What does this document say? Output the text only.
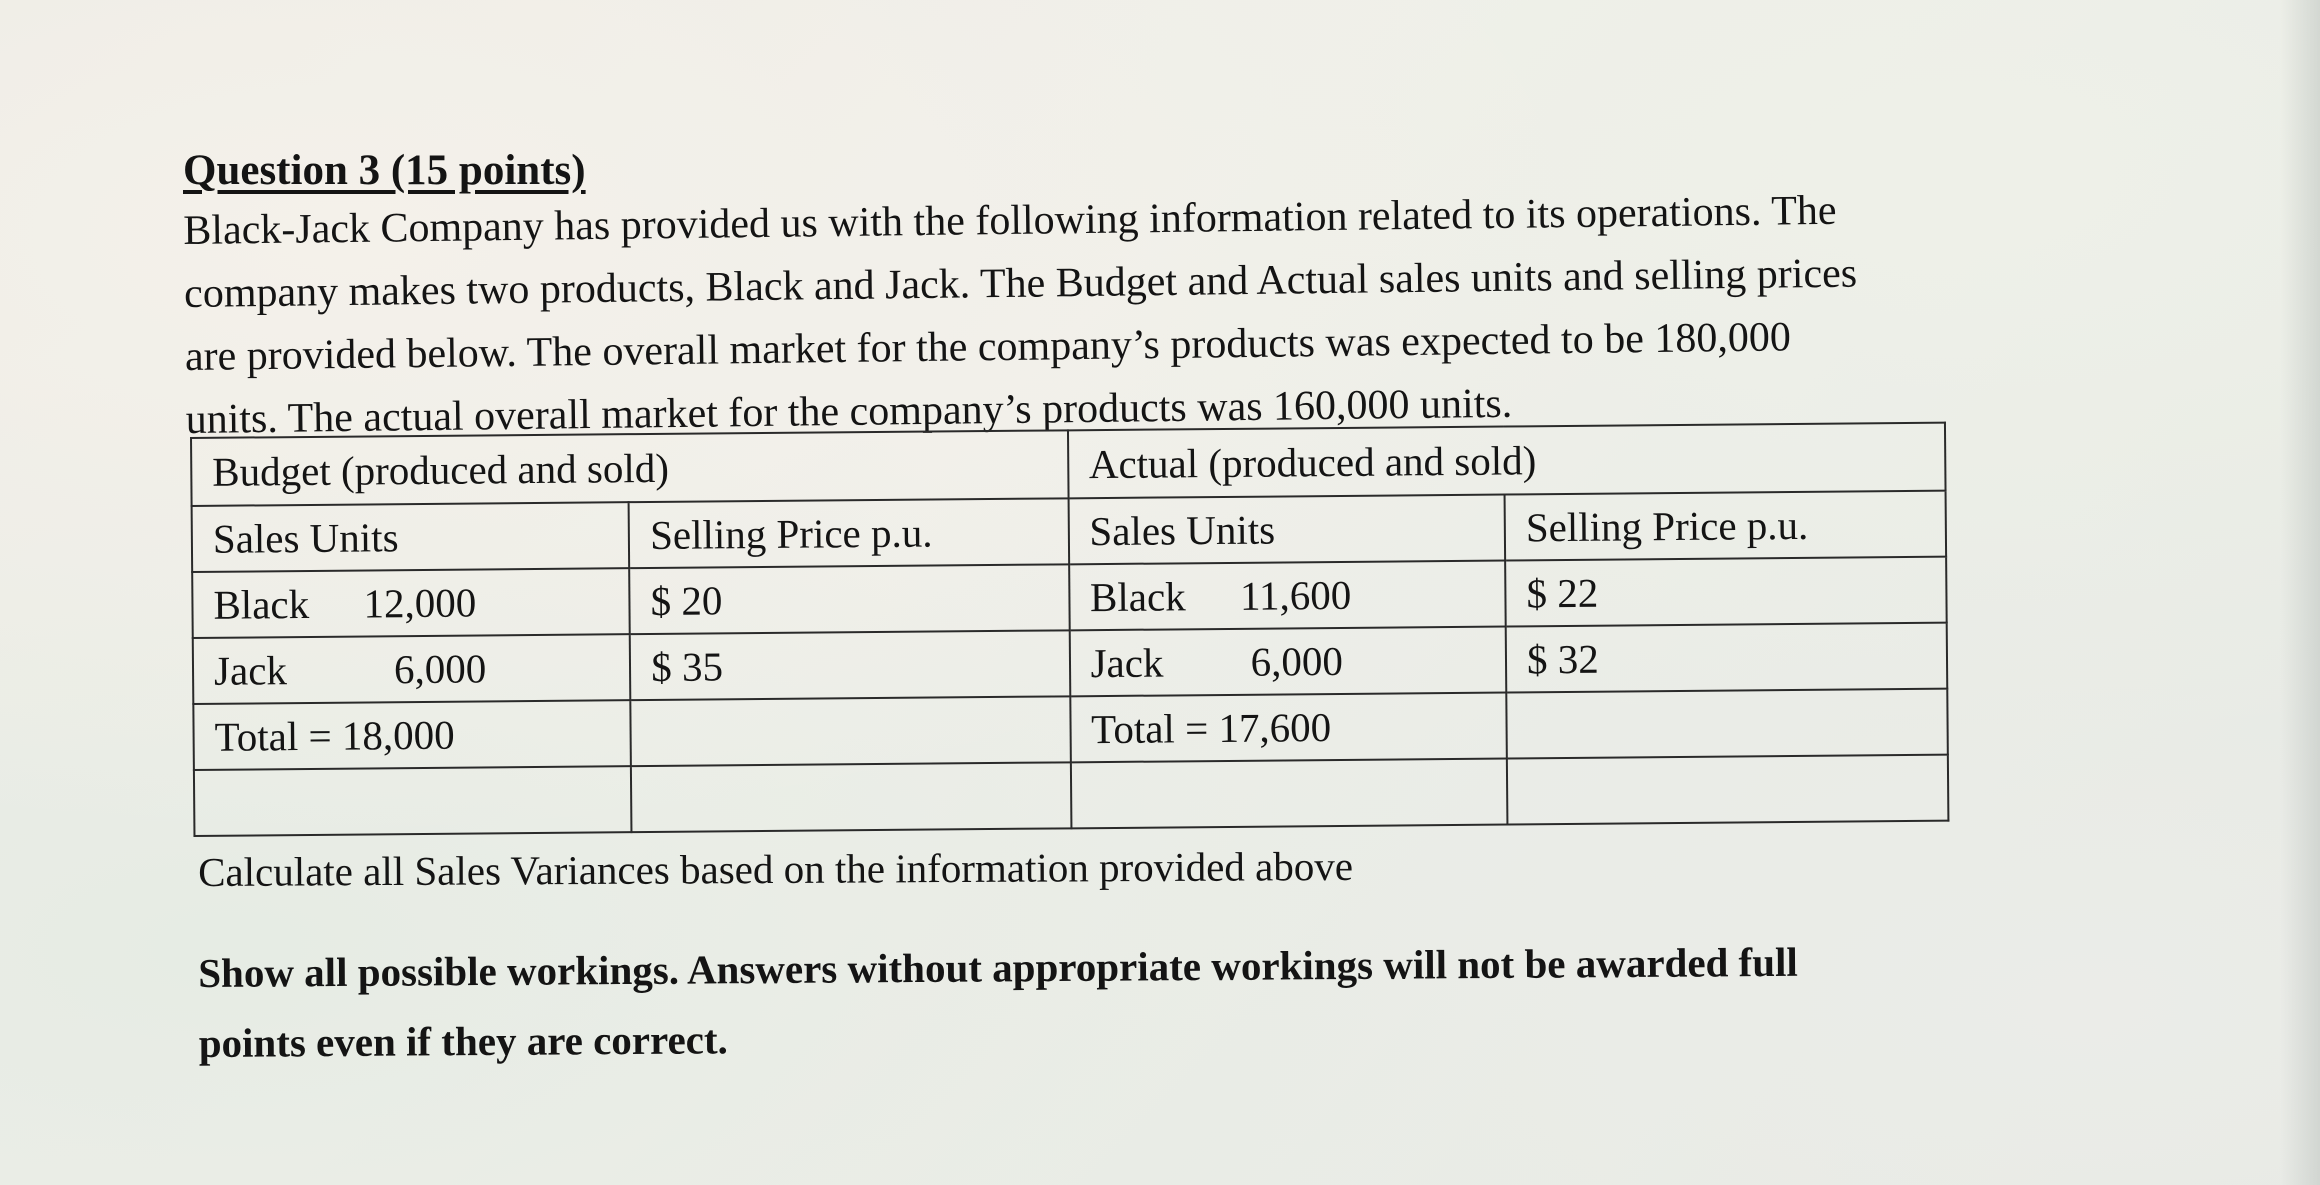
Question 3 (15 points)

Black-Jack Company has provided us with the following information related to its operations. The
company makes two products, Black and Jack. The Budget and Actual sales units and selling prices
are provided below. The overall market for the company’s products was expected to be 180,000
units. The actual overall market for the company’s products was 160,000 units.

Budget (produced and sold)		Actual (produced and sold)	
Sales Units	Selling Price p.u.	Sales Units	Selling Price p.u.
Black 12,000	$ 20	Black 11,600	$ 22
Jack 6,000	$ 35	Jack 6,000	$ 32
Total = 18,000		Total = 17,600	

Calculate all Sales Variances based on the information provided above
Show all possible workings. Answers without appropriate workings will not be awarded full
points even if they are correct.
